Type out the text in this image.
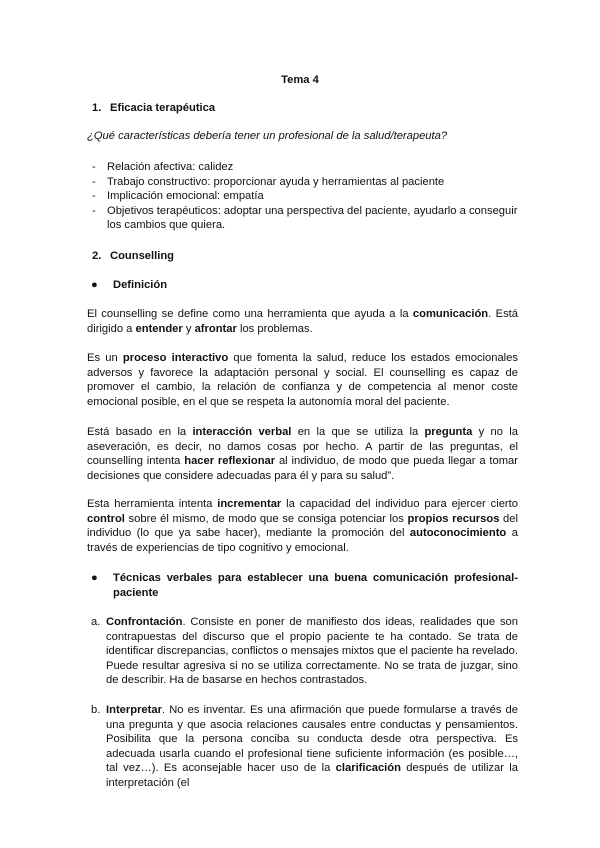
Tema 4
1. Eficacia terapéutica
¿Qué características debería tener un profesional de la salud/terapeuta?
- Relación afectiva: calidez
- Trabajo constructivo: proporcionar ayuda y herramientas al paciente
- Implicación emocional: empatía
- Objetivos terapéuticos: adoptar una perspectiva del paciente, ayudarlo a conseguir los cambios que quiera.
2. Counselling
● Definición
El counselling se define como una herramienta que ayuda a la comunicación. Está dirigido a entender y afrontar los problemas.
Es un proceso interactivo que fomenta la salud, reduce los estados emocionales adversos y favorece la adaptación personal y social. El counselling es capaz de promover el cambio, la relación de confianza y de competencia al menor coste emocional posible, en el que se respeta la autonomía moral del paciente.
Está basado en la interacción verbal en la que se utiliza la pregunta y no la aseveración, es decir, no damos cosas por hecho. A partir de las preguntas, el counselling intenta hacer reflexionar al individuo, de modo que pueda llegar a tomar decisiones que considere adecuadas para él y para su salud”.
Esta herramienta intenta incrementar la capacidad del individuo para ejercer cierto control sobre él mismo, de modo que se consiga potenciar los propios recursos del individuo (lo que ya sabe hacer), mediante la promoción del autoconocimiento a través de experiencias de tipo cognitivo y emocional.
● Técnicas verbales para establecer una buena comunicación profesional-paciente
a. Confrontación. Consiste en poner de manifiesto dos ideas, realidades que son contrapuestas del discurso que el propio paciente te ha contado. Se trata de identificar discrepancias, conflictos o mensajes mixtos que el paciente ha revelado. Puede resultar agresiva si no se utiliza correctamente. No se trata de juzgar, sino de describir. Ha de basarse en hechos contrastados.
b. Interpretar. No es inventar. Es una afirmación que puede formularse a través de una pregunta y que asocia relaciones causales entre conductas y pensamientos. Posibilita que la persona conciba su conducta desde otra perspectiva. Es adecuada usarla cuando el profesional tiene suficiente información (es posible…, tal vez…). Es aconsejable hacer uso de la clarificación después de utilizar la interpretación (el
